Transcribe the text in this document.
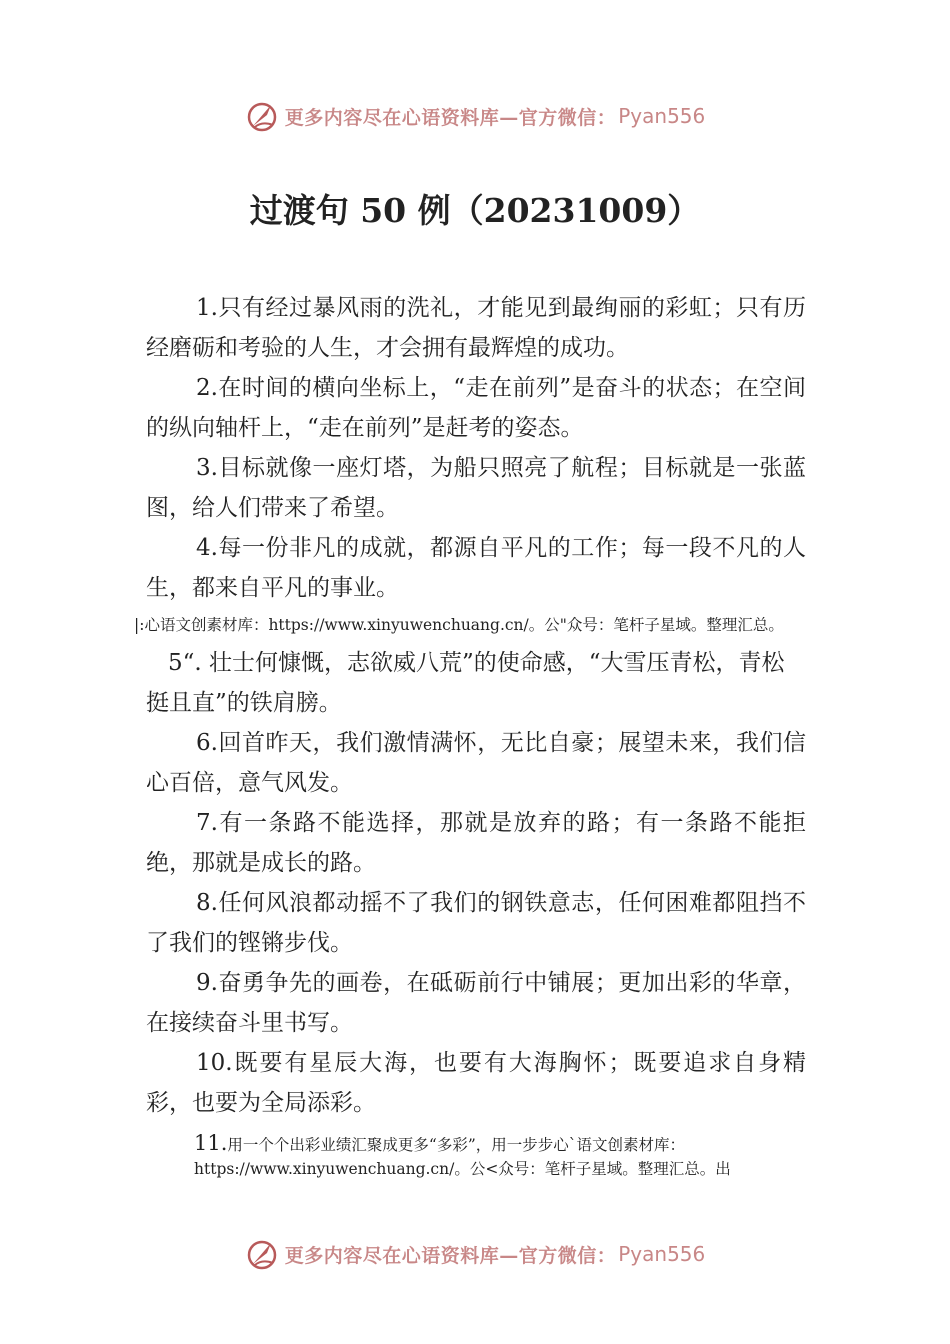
更多内容尽在心语资料库—官方微信： Pyan556
过渡句 50 例（20231009）

1.只有经过暴风雨的洗礼，才能见到最绚丽的彩虹；只有历经磨砺和考验的人生，才会拥有最辉煌的成功。

2.在时间的横向坐标上，“走在前列”是奋斗的状态；在空间的纵向轴杆上，“走在前列”是赶考的姿态。

3.目标就像一座灯塔，为船只照亮了航程；目标就是一张蓝图，给人们带来了希望。

4.每一份非凡的成就，都源自平凡的工作；每一段不凡的人生，都来自平凡的事业。

|:心语文创素材库：https://www.xinyuwenchuang.cn/。公"众号：笔杆子星域。整理汇总。

5“. 壮士何慷慨，志欲威八荒”的使命感，“大雪压青松，青松挺且直”的铁肩膀。

6.回首昨天，我们激情满怀，无比自豪；展望未来，我们信心百倍，意气风发。

7.有一条路不能选择，那就是放弃的路；有一条路不能拒绝，那就是成长的路。

8.任何风浪都动摇不了我们的钢铁意志，任何困难都阻挡不了我们的铿锵步伐。

9.奋勇争先的画卷，在砥砺前行中铺展；更加出彩的华章，在接续奋斗里书写。

10.既要有星辰大海，也要有大海胸怀；既要追求自身精彩，也要为全局添彩。

11.用一个个出彩业绩汇聚成更多“多彩”，用一步步心`语文创素材库：https://www.xinyuwenchuang.cn/。公<众号：笔杆子星域。整理汇总。出
更多内容尽在心语资料库—官方微信： Pyan556
